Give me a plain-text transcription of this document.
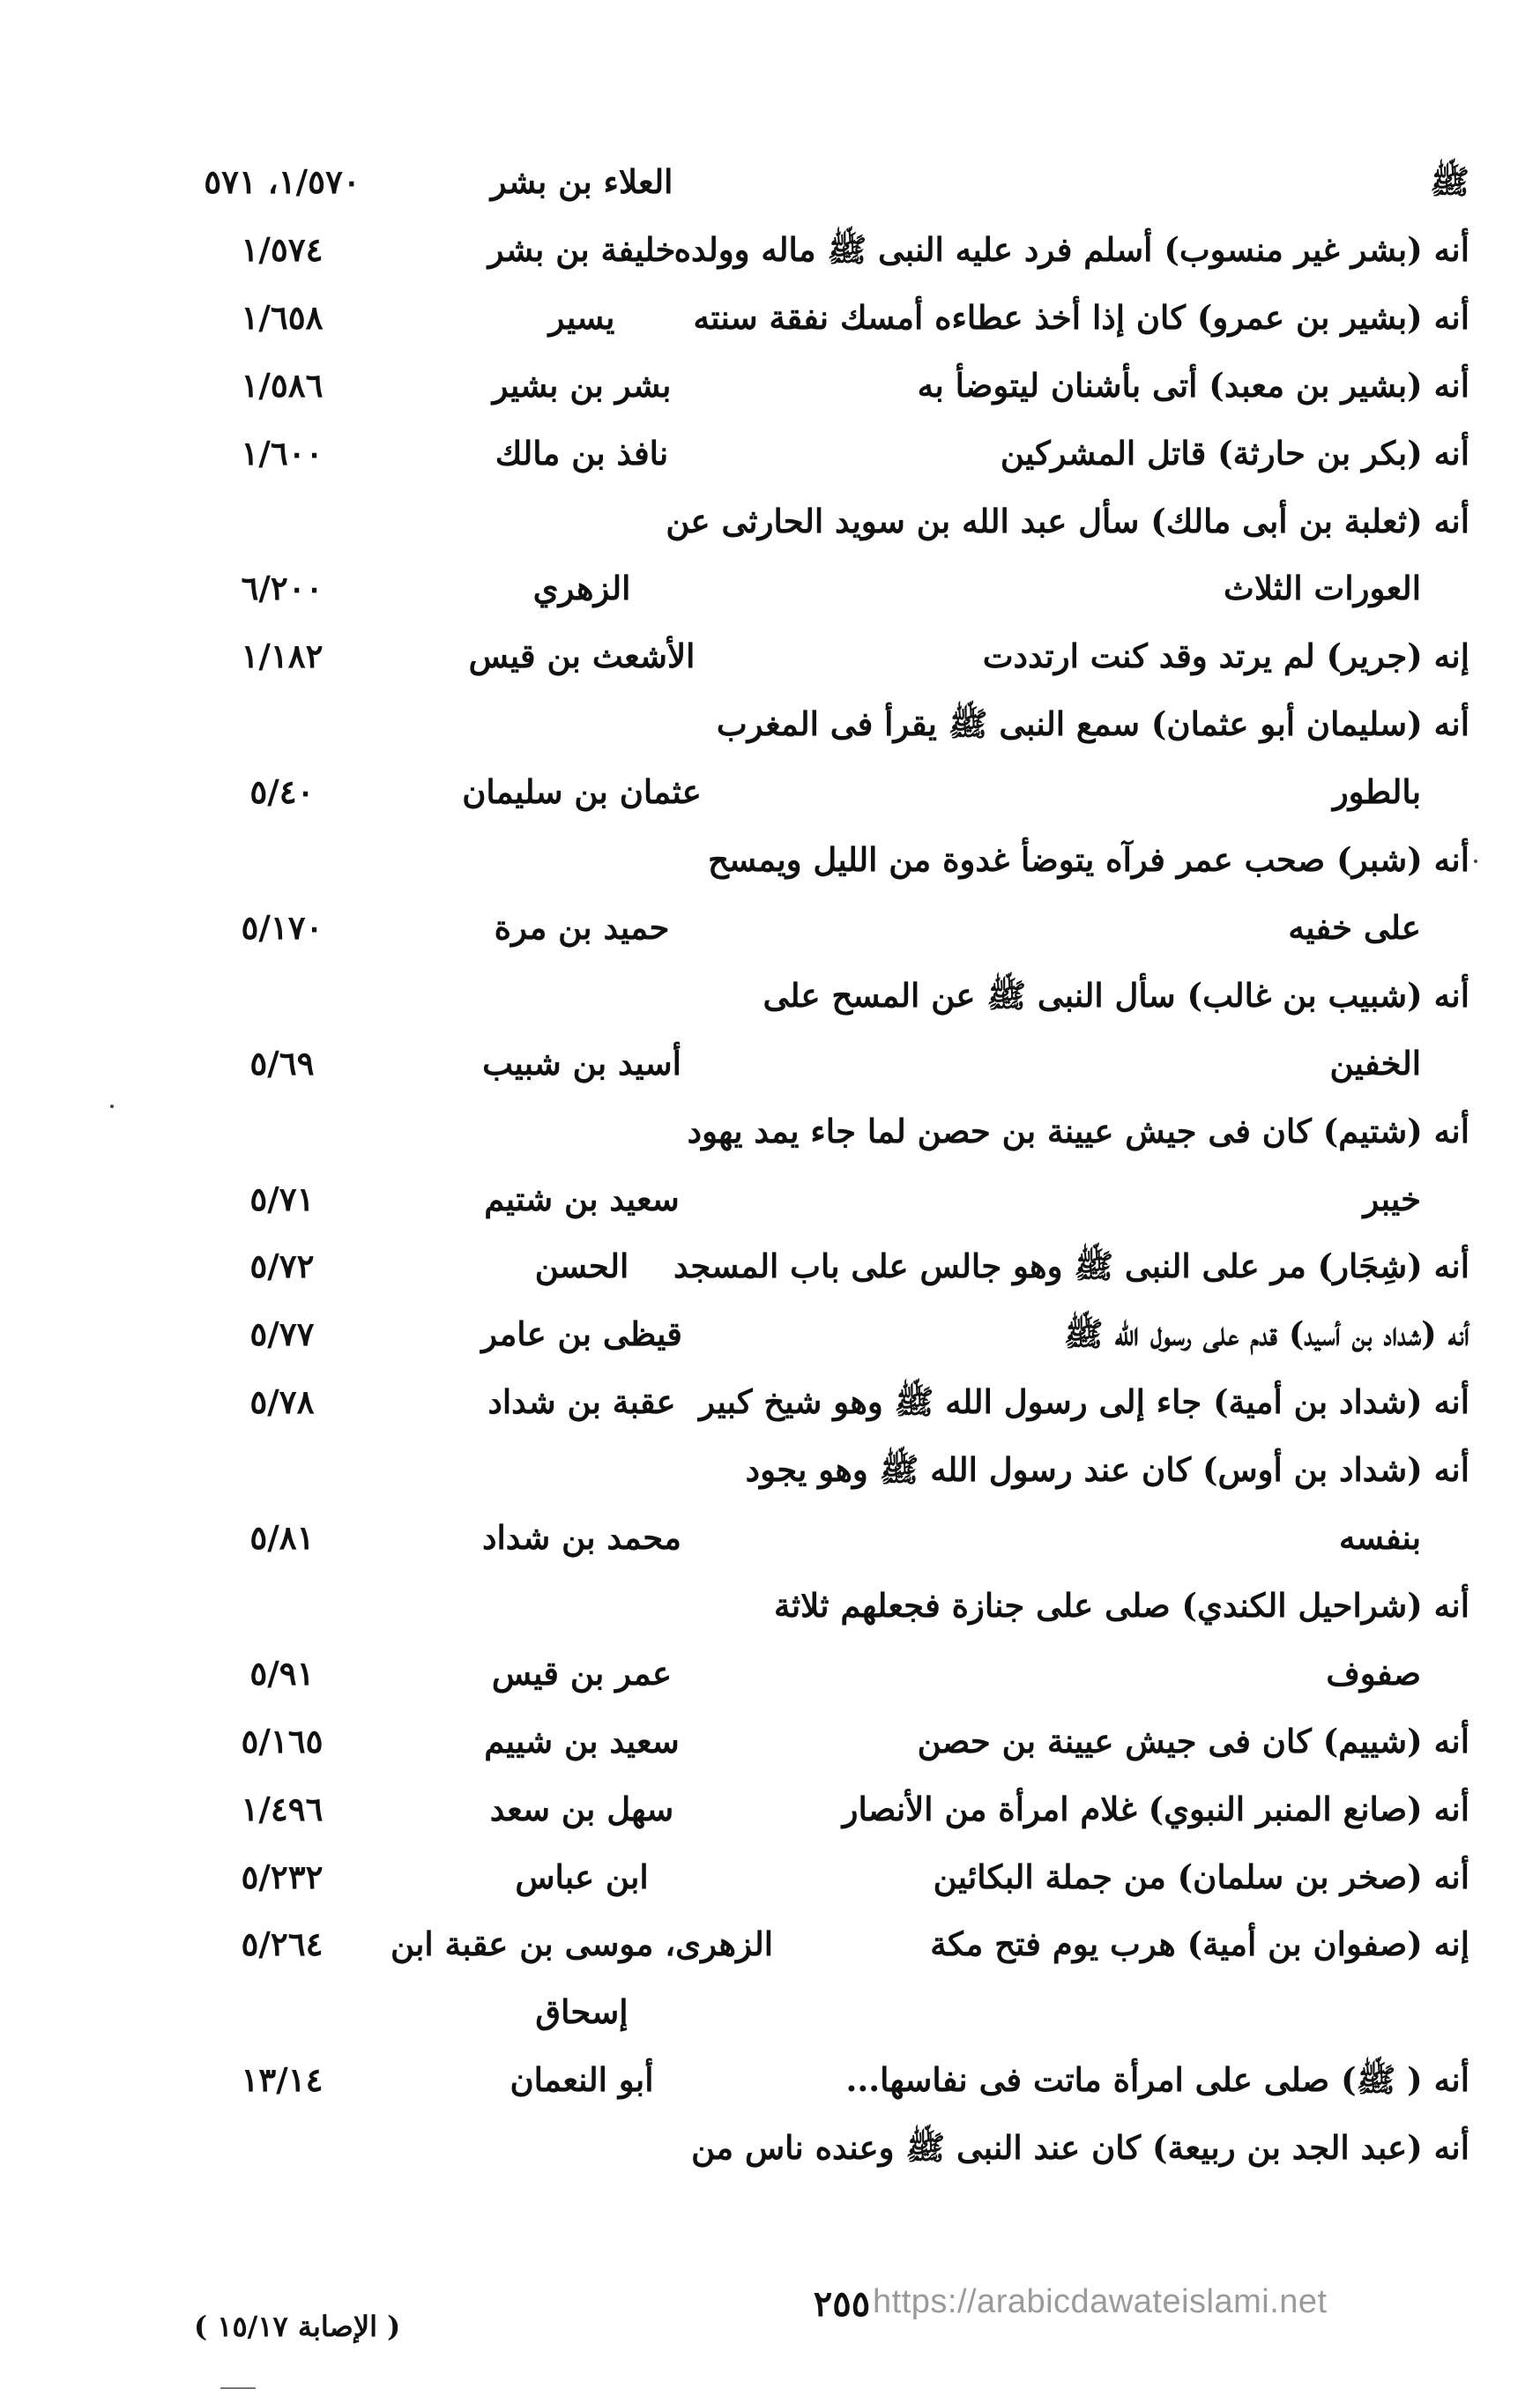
ﷺ
العلاء بن بشر
١/٥٧٠، ٥٧١
أنه (بشر غير منسوب) أسلم فرد عليه النبى ﷺ ماله وولده
خليفة بن بشر
١/٥٧٤
أنه (بشير بن عمرو) كان إذا أخذ عطاءه أمسك نفقة سنته
يسير
١/٦٥٨
أنه (بشير بن معبد) أتى بأشنان ليتوضأ به
بشر بن بشير
١/٥٨٦
أنه (بكر بن حارثة) قاتل المشركين
نافذ بن مالك
١/٦٠٠
أنه (ثعلبة بن أبى مالك) سأل عبد الله بن سويد الحارثى عن
العورات الثلاث
الزهري
٦/٢٠٠
إنه (جرير) لم يرتد وقد كنت ارتددت
الأشعث بن قيس
١/١٨٢
أنه (سليمان أبو عثمان) سمع النبى ﷺ يقرأ فى المغرب
بالطور
عثمان بن سليمان
٥/٤٠
أنه (شبر) صحب عمر فرآه يتوضأ غدوة من الليل ويمسح
على خفيه
حميد بن مرة
٥/١٧٠
أنه (شبيب بن غالب) سأل النبى ﷺ عن المسح على
الخفين
أسيد بن شبيب
٥/٦٩
أنه (شتيم) كان فى جيش عيينة بن حصن لما جاء يمد يهود
خيبر
سعيد بن شتيم
٥/٧١
أنه (شِجَار) مر على النبى ﷺ وهو جالس على باب المسجد
الحسن
٥/٧٢
أنه (شداد بن أسيد) قدم على رسول الله ﷺ
قيظى بن عامر
٥/٧٧
أنه (شداد بن أمية) جاء إلى رسول الله ﷺ وهو شيخ كبير
عقبة بن شداد
٥/٧٨
أنه (شداد بن أوس) كان عند رسول الله ﷺ وهو يجود
بنفسه
محمد بن شداد
٥/٨١
أنه (شراحيل الكندي) صلى على جنازة فجعلهم ثلاثة
صفوف
عمر بن قيس
٥/٩١
أنه (شييم) كان فى جيش عيينة بن حصن
سعيد بن شييم
٥/١٦٥
أنه (صانع المنبر النبوي) غلام امرأة من الأنصار
سهل بن سعد
١/٤٩٦
أنه (صخر بن سلمان) من جملة البكائين
ابن عباس
٥/٢٣٢
إنه (صفوان بن أمية) هرب يوم فتح مكة
الزهرى، موسى بن عقبة ابن
٥/٢٦٤
إسحاق
أنه ( ﷺ) صلى على امرأة ماتت فى نفاسها...
أبو النعمان
١٣/١٤
أنه (عبد الجد بن ربيعة) كان عند النبى ﷺ وعنده ناس من
٢٥٥ https://arabicdawateislami.net
( الإصابة ١٥/١٧ )
